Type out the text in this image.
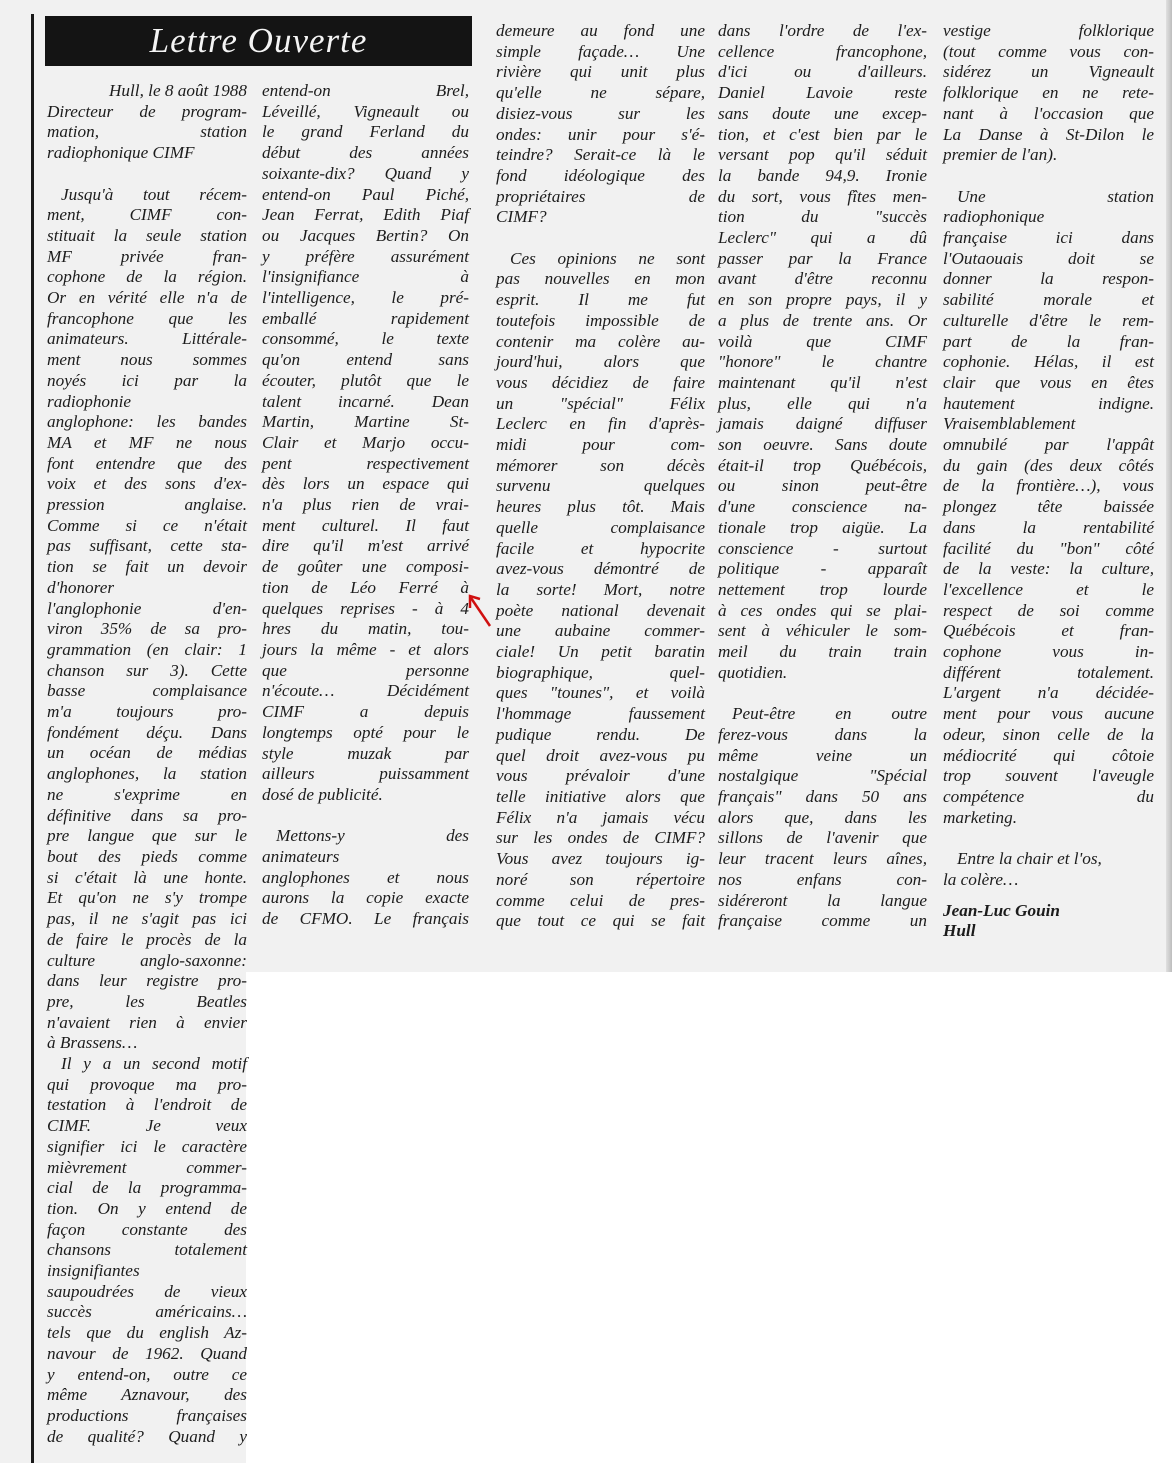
Lettre Ouverte
Hull, le 8 août 1988
Directeur de program-
mation, station
radiophonique CIMF
Jusqu'à tout récem-
ment, CIMF con-
stituait la seule station
MF privée fran-
cophone de la région.
Or en vérité elle n'a de
francophone que les
animateurs. Littérale-
ment nous sommes
noyés ici par la
radiophonie
anglophone: les bandes
MA et MF ne nous
font entendre que des
voix et des sons d'ex-
pression anglaise.
Comme si ce n'était
pas suffisant, cette sta-
tion se fait un devoir
d'honorer
l'anglophonie d'en-
viron 35% de sa pro-
grammation (en clair: 1
chanson sur 3). Cette
basse complaisance
m'a toujours pro-
fondément déçu. Dans
un océan de médias
anglophones, la station
ne s'exprime en
définitive dans sa pro-
pre langue que sur le
bout des pieds comme
si c'était là une honte.
Et qu'on ne s'y trompe
pas, il ne s'agit pas ici
de faire le procès de la
culture anglo-saxonne:
dans leur registre pro-
pre, les Beatles
n'avaient rien à envier
à Brassens…
Il y a un second motif
qui provoque ma pro-
testation à l'endroit de
CIMF. Je veux
signifier ici le caractère
mièvrement commer-
cial de la programma-
tion. On y entend de
façon constante des
chansons totalement
insignifiantes
saupoudrées de vieux
succès américains…
tels que du english Az-
navour de 1962. Quand
y entend-on, outre ce
même Aznavour, des
productions françaises
de qualité? Quand y
entend-on Brel,
Léveillé, Vigneault ou
le grand Ferland du
début des années
soixante-dix? Quand y
entend-on Paul Piché,
Jean Ferrat, Edith Piaf
ou Jacques Bertin? On
y préfère assurément
l'insignifiance à
l'intelligence, le pré-
emballé rapidement
consommé, le texte
qu'on entend sans
écouter, plutôt que le
talent incarné. Dean
Martin, Martine St-
Clair et Marjo occu-
pent respectivement
dès lors un espace qui
n'a plus rien de vrai-
ment culturel. Il faut
dire qu'il m'est arrivé
de goûter une composi-
tion de Léo Ferré à
quelques reprises - à 4
hres du matin, tou-
jours la même - et alors
que personne
n'écoute… Décidément
CIMF a depuis
longtemps opté pour le
style muzak par
ailleurs puissamment
dosé de publicité.
Mettons-y des
animateurs
anglophones et nous
aurons la copie exacte
de CFMO. Le français
demeure au fond une
simple façade… Une
rivière qui unit plus
qu'elle ne sépare,
disiez-vous sur les
ondes: unir pour s'é-
teindre? Serait-ce là le
fond idéologique des
propriétaires de
CIMF?
Ces opinions ne sont
pas nouvelles en mon
esprit. Il me fut
toutefois impossible de
contenir ma colère au-
jourd'hui, alors que
vous décidiez de faire
un "spécial" Félix
Leclerc en fin d'après-
midi pour com-
mémorer son décès
survenu quelques
heures plus tôt. Mais
quelle complaisance
facile et hypocrite
avez-vous démontré de
la sorte! Mort, notre
poète national devenait
une aubaine commer-
ciale! Un petit baratin
biographique, quel-
ques "tounes", et voilà
l'hommage faussement
pudique rendu. De
quel droit avez-vous pu
vous prévaloir d'une
telle initiative alors que
Félix n'a jamais vécu
sur les ondes de CIMF?
Vous avez toujours ig-
noré son répertoire
comme celui de pres-
que tout ce qui se fait
dans l'ordre de l'ex-
cellence francophone,
d'ici ou d'ailleurs.
Daniel Lavoie reste
sans doute une excep-
tion, et c'est bien par le
versant pop qu'il séduit
la bande 94,9. Ironie
du sort, vous fîtes men-
tion du "succès
Leclerc" qui a dû
passer par la France
avant d'être reconnu
en son propre pays, il y
a plus de trente ans. Or
voilà que CIMF
"honore" le chantre
maintenant qu'il n'est
plus, elle qui n'a
jamais daigné diffuser
son oeuvre. Sans doute
était-il trop Québécois,
ou sinon peut-être
d'une conscience na-
tionale trop aigüe. La
conscience - surtout
politique - apparaît
nettement trop lourde
à ces ondes qui se plai-
sent à véhiculer le som-
meil du train train
quotidien.
Peut-être en outre
ferez-vous dans la
même veine un
nostalgique "Spécial
français" dans 50 ans
alors que, dans les
sillons de l'avenir que
leur tracent leurs aînes,
nos enfans con-
sidéreront la langue
française comme un
vestige folklorique
(tout comme vous con-
sidérez un Vigneault
folklorique en ne rete-
nant à l'occasion que
La Danse à St-Dilon le
premier de l'an).
Une station
radiophonique
française ici dans
l'Outaouais doit se
donner la respon-
sabilité morale et
culturelle d'être le rem-
part de la fran-
cophonie. Hélas, il est
clair que vous en êtes
hautement indigne.
Vraisemblablement
omnubilé par l'appât
du gain (des deux côtés
de la frontière…), vous
plongez tête baissée
dans la rentabilité
facilité du "bon" côté
de la veste: la culture,
l'excellence et le
respect de soi comme
Québécois et fran-
cophone vous in-
différent totalement.
L'argent n'a décidée-
ment pour vous aucune
odeur, sinon celle de la
médiocrité qui côtoie
trop souvent l'aveugle
compétence du
marketing.
Entre la chair et l'os,
la colère…
Jean-Luc Gouin
Hull
